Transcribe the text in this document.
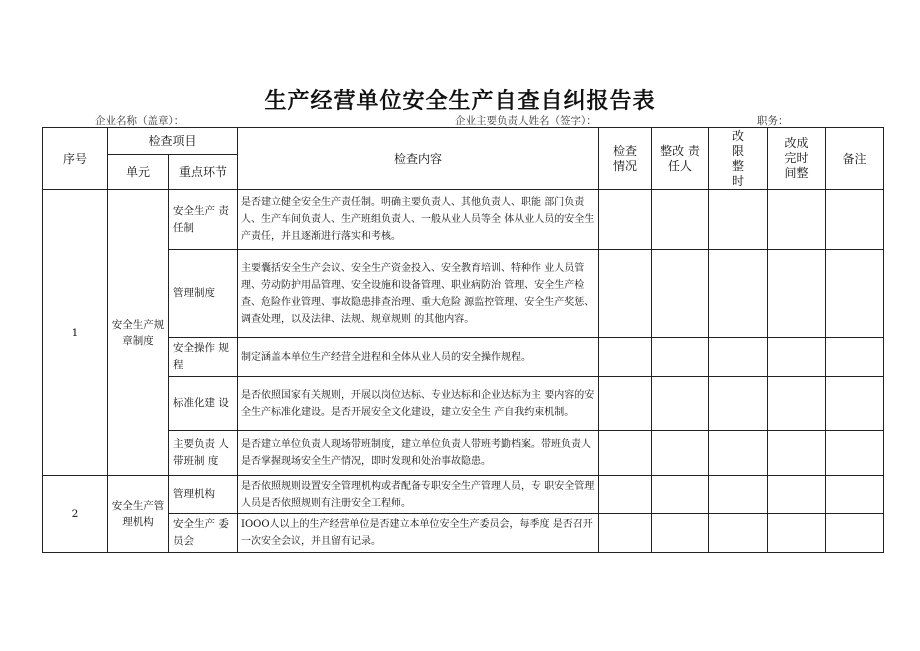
生产经营单位安全生产自查自纠报告表
企业名称（盖章）：	企业主要负责人姓名（签字）：	职务：
序号	检查项目		检查内容	检查情况	整改 责任人	改限整时	改成完时间整	备注
	单元	重点环节						
1	安全生产规章制度	安全生产 责任制	是否建立健全安全生产责任制。明确主要负责人、其他负责人、职能 部门负责人、生产车间负责人、生产班组负责人、一般从业人员等全 体从业人员的安全生产责任，并且逐渐进行落实和考核。					
		管理制度	主要囊括安全生产会议、安全生产资金投入、安全教育培训、特种作 业人员管理、劳动防护用品管理、安全设施和设备管理、职业病防治 管理、安全生产检查、危险作业管理、事故隐患排查治理、重大危险 源监控管理、安全生产奖惩、调查处理，以及法律、法规、规章规则 的其他内容。					
		安全操作 规程	制定涵盖本单位生产经营全进程和全体从业人员的安全操作规程。					
		标准化建 设	是否依照国家有关规则，开展以岗位达标、专业达标和企业达标为主 要内容的安全生产标准化建设。是否开展安全文化建设，建立安全生 产自我约束机制。					
		主要负责 人带班制 度	是否建立单位负责人现场带班制度，建立单位负责人带班考勤档案。带班负责人是否掌握现场安全生产情况，即时发现和处治事故隐患。					
2	安全生产管理机构	管理机构	是否依照规则设置安全管理机构或者配备专职安全生产管理人员，专 职安全管理人员是否依照规则有注册安全工程师。					
		安全生产 委员会	IOOO人以上的生产经营单位是否建立本单位安全生产委员会，每季度 是否召开一次安全会议，并且留有记录。					
